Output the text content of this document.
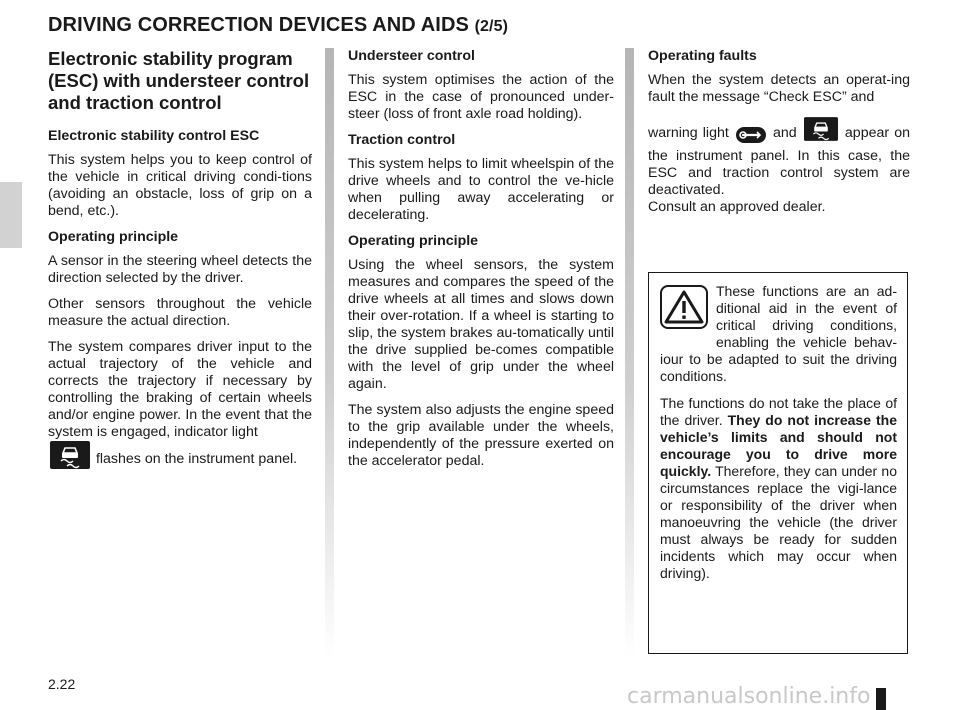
DRIVING CORRECTION DEVICES AND AIDS (2/5)
Electronic stability program (ESC) with understeer control and traction control
Electronic stability control ESC

This system helps you to keep control of the vehicle in critical driving condi-tions (avoiding an obstacle, loss of grip on a bend, etc.).

Operating principle

A sensor in the steering wheel detects the direction selected by the driver.

Other sensors throughout the vehicle measure the actual direction.

The system compares driver input to the actual trajectory of the vehicle and corrects the trajectory if necessary by controlling the braking of certain wheels and/or engine power. In the event that the system is engaged, indicator light
flashes on the instrument panel.

Understeer control

This system optimises the action of the ESC in the case of pronounced under-steer (loss of front axle road holding).

Traction control

This system helps to limit wheelspin of the drive wheels and to control the ve-hicle when pulling away accelerating or decelerating.

Operating principle

Using the wheel sensors, the system measures and compares the speed of the drive wheels at all times and slows down their over-rotation. If a wheel is starting to slip, the system brakes au-tomatically until the drive supplied be-comes compatible with the level of grip under the wheel again.

The system also adjusts the engine speed to the grip available under the wheels, independently of the pressure exerted on the accelerator pedal.

Operating faults

When the system detects an operat-ing fault the message “Check ESC” and

warning light	and	appear on the instrument panel. In this case, the ESC and traction control system are deactivated.

Consult an approved dealer.

These functions are an ad-ditional aid in the event of critical driving conditions, enabling the vehicle behav-iour to be adapted to suit the driving conditions.

The functions do not take the place of the driver. They do not increase the vehicle’s limits and should not encourage you to drive more quickly. Therefore, they can under no circumstances replace the vigi-lance or responsibility of the driver when manoeuvring the vehicle (the driver must always be ready for sudden incidents which may occur when driving).

2.22	carmanualsonline.info
